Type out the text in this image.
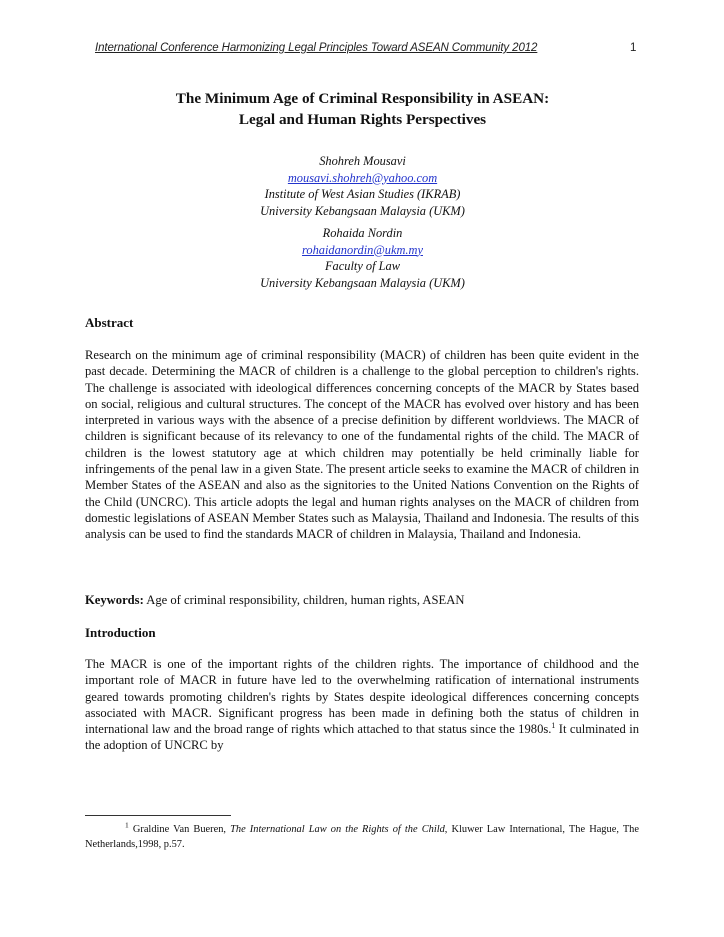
International Conference Harmonizing Legal Principles Toward ASEAN Community 2012	1
The Minimum Age of Criminal Responsibility in ASEAN:
Legal and Human Rights Perspectives
Shohreh Mousavi
mousavi.shohreh@yahoo.com
Institute of West Asian Studies (IKRAB)
University Kebangsaan Malaysia (UKM)
Rohaida Nordin
rohaidanordin@ukm.my
Faculty of Law
University Kebangsaan Malaysia (UKM)
Abstract
Research on the minimum age of criminal responsibility (MACR) of children has been quite evident in the past decade. Determining the MACR of children is a challenge to the global perception to children's rights. The challenge is associated with ideological differences concerning concepts of the MACR by States based on social, religious and cultural structures. The concept of the MACR has evolved over history and has been interpreted in various ways with the absence of a precise definition by different worldviews. The MACR of children is significant because of its relevancy to one of the fundamental rights of the child. The MACR of children is the lowest statutory age at which children may potentially be held criminally liable for infringements of the penal law in a given State. The present article seeks to examine the MACR of children in Member States of the ASEAN and also as the signitories to the United Nations Convention on the Rights of the Child (UNCRC). This article adopts the legal and human rights analyses on the MACR of children from domestic legislations of ASEAN Member States such as Malaysia, Thailand and Indonesia. The results of this analysis can be used to find the standards MACR of children in Malaysia, Thailand and Indonesia.
Keywords: Age of criminal responsibility, children, human rights, ASEAN
Introduction
The MACR is one of the important rights of the children rights. The importance of childhood and the important role of MACR in future have led to the overwhelming ratification of international instruments geared towards promoting children's rights by States despite ideological differences concerning concepts associated with MACR. Significant progress has been made in defining both the status of children in international law and the broad range of rights which attached to that status since the 1980s.$^1$ It culminated in the adoption of UNCRC by
$^1$ Graldine Van Bueren, The International Law on the Rights of the Child, Kluwer Law International, The Hague, The Netherlands,1998, p.57.
